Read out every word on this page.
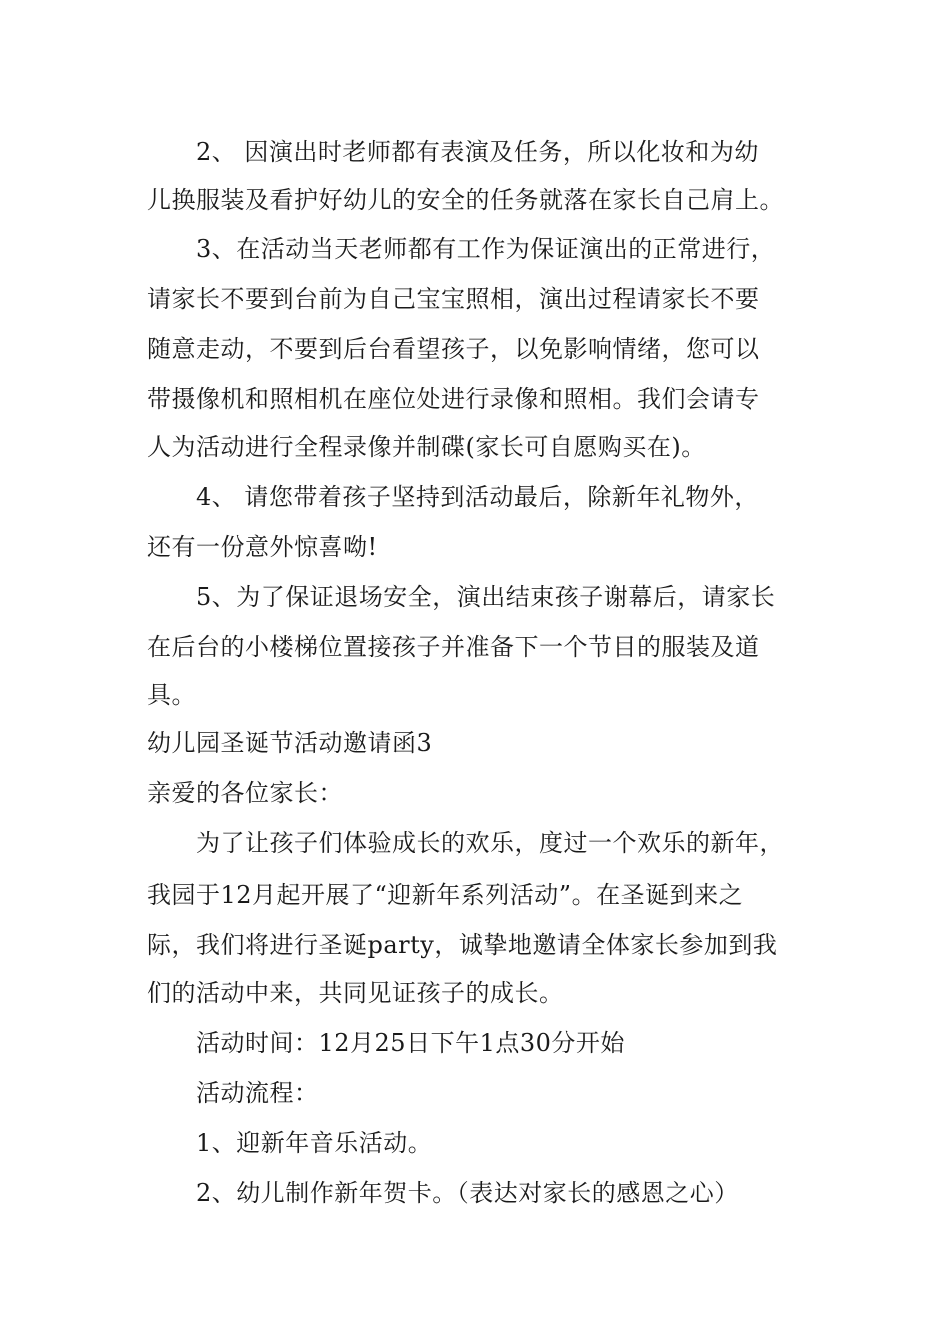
2、 因演出时老师都有表演及任务，所以化妆和为幼
儿换服装及看护好幼儿的安全的任务就落在家长自己肩上。
3、在活动当天老师都有工作为保证演出的正常进行，
请家长不要到台前为自己宝宝照相，演出过程请家长不要
随意走动，不要到后台看望孩子，以免影响情绪，您可以
带摄像机和照相机在座位处进行录像和照相。我们会请专
人为活动进行全程录像并制碟(家长可自愿购买在)。
4、 请您带着孩子坚持到活动最后，除新年礼物外，
还有一份意外惊喜呦!
5、为了保证退场安全，演出结束孩子谢幕后，请家长
在后台的小楼梯位置接孩子并准备下一个节目的服装及道
具。
幼儿园圣诞节活动邀请函3
亲爱的各位家长：
为了让孩子们体验成长的欢乐，度过一个欢乐的新年，
我园于12月起开展了“迎新年系列活动”。在圣诞到来之
际，我们将进行圣诞party，诚挚地邀请全体家长参加到我
们的活动中来，共同见证孩子的成长。
活动时间：12月25日下午1点30分开始
活动流程：
1、迎新年音乐活动。
2、幼儿制作新年贺卡。（表达对家长的感恩之心）
